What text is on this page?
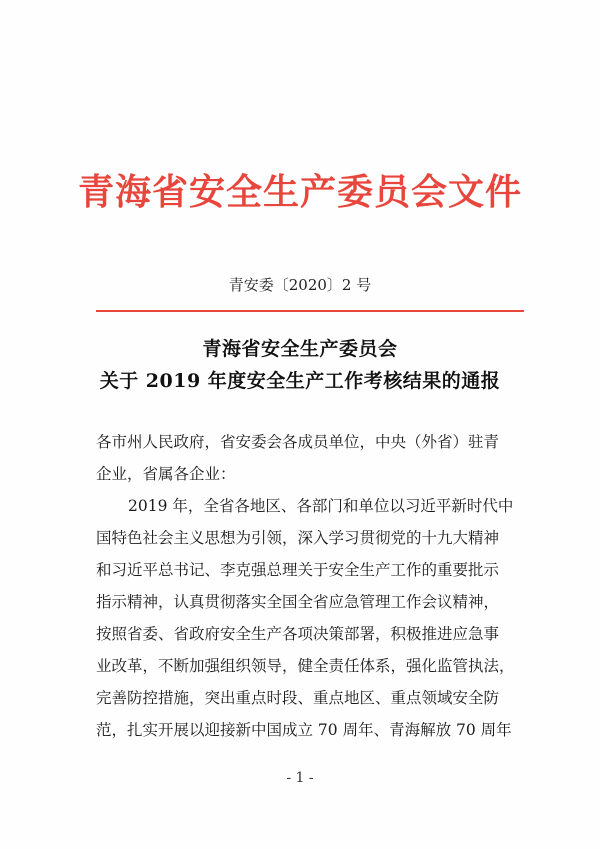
青海省安全生产委员会文件
青安委〔2020〕2 号
青海省安全生产委员会
关于 2019 年度安全生产工作考核结果的通报
各市州人民政府，省安委会各成员单位，中央（外省）驻青
企业，省属各企业：
2019 年，全省各地区、各部门和单位以习近平新时代中
国特色社会主义思想为引领，深入学习贯彻党的十九大精神
和习近平总书记、李克强总理关于安全生产工作的重要批示
指示精神，认真贯彻落实全国全省应急管理工作会议精神，
按照省委、省政府安全生产各项决策部署，积极推进应急事
业改革，不断加强组织领导，健全责任体系，强化监管执法，
完善防控措施，突出重点时段、重点地区、重点领域安全防
范，扎实开展以迎接新中国成立 70 周年、青海解放 70 周年
- 1 -
